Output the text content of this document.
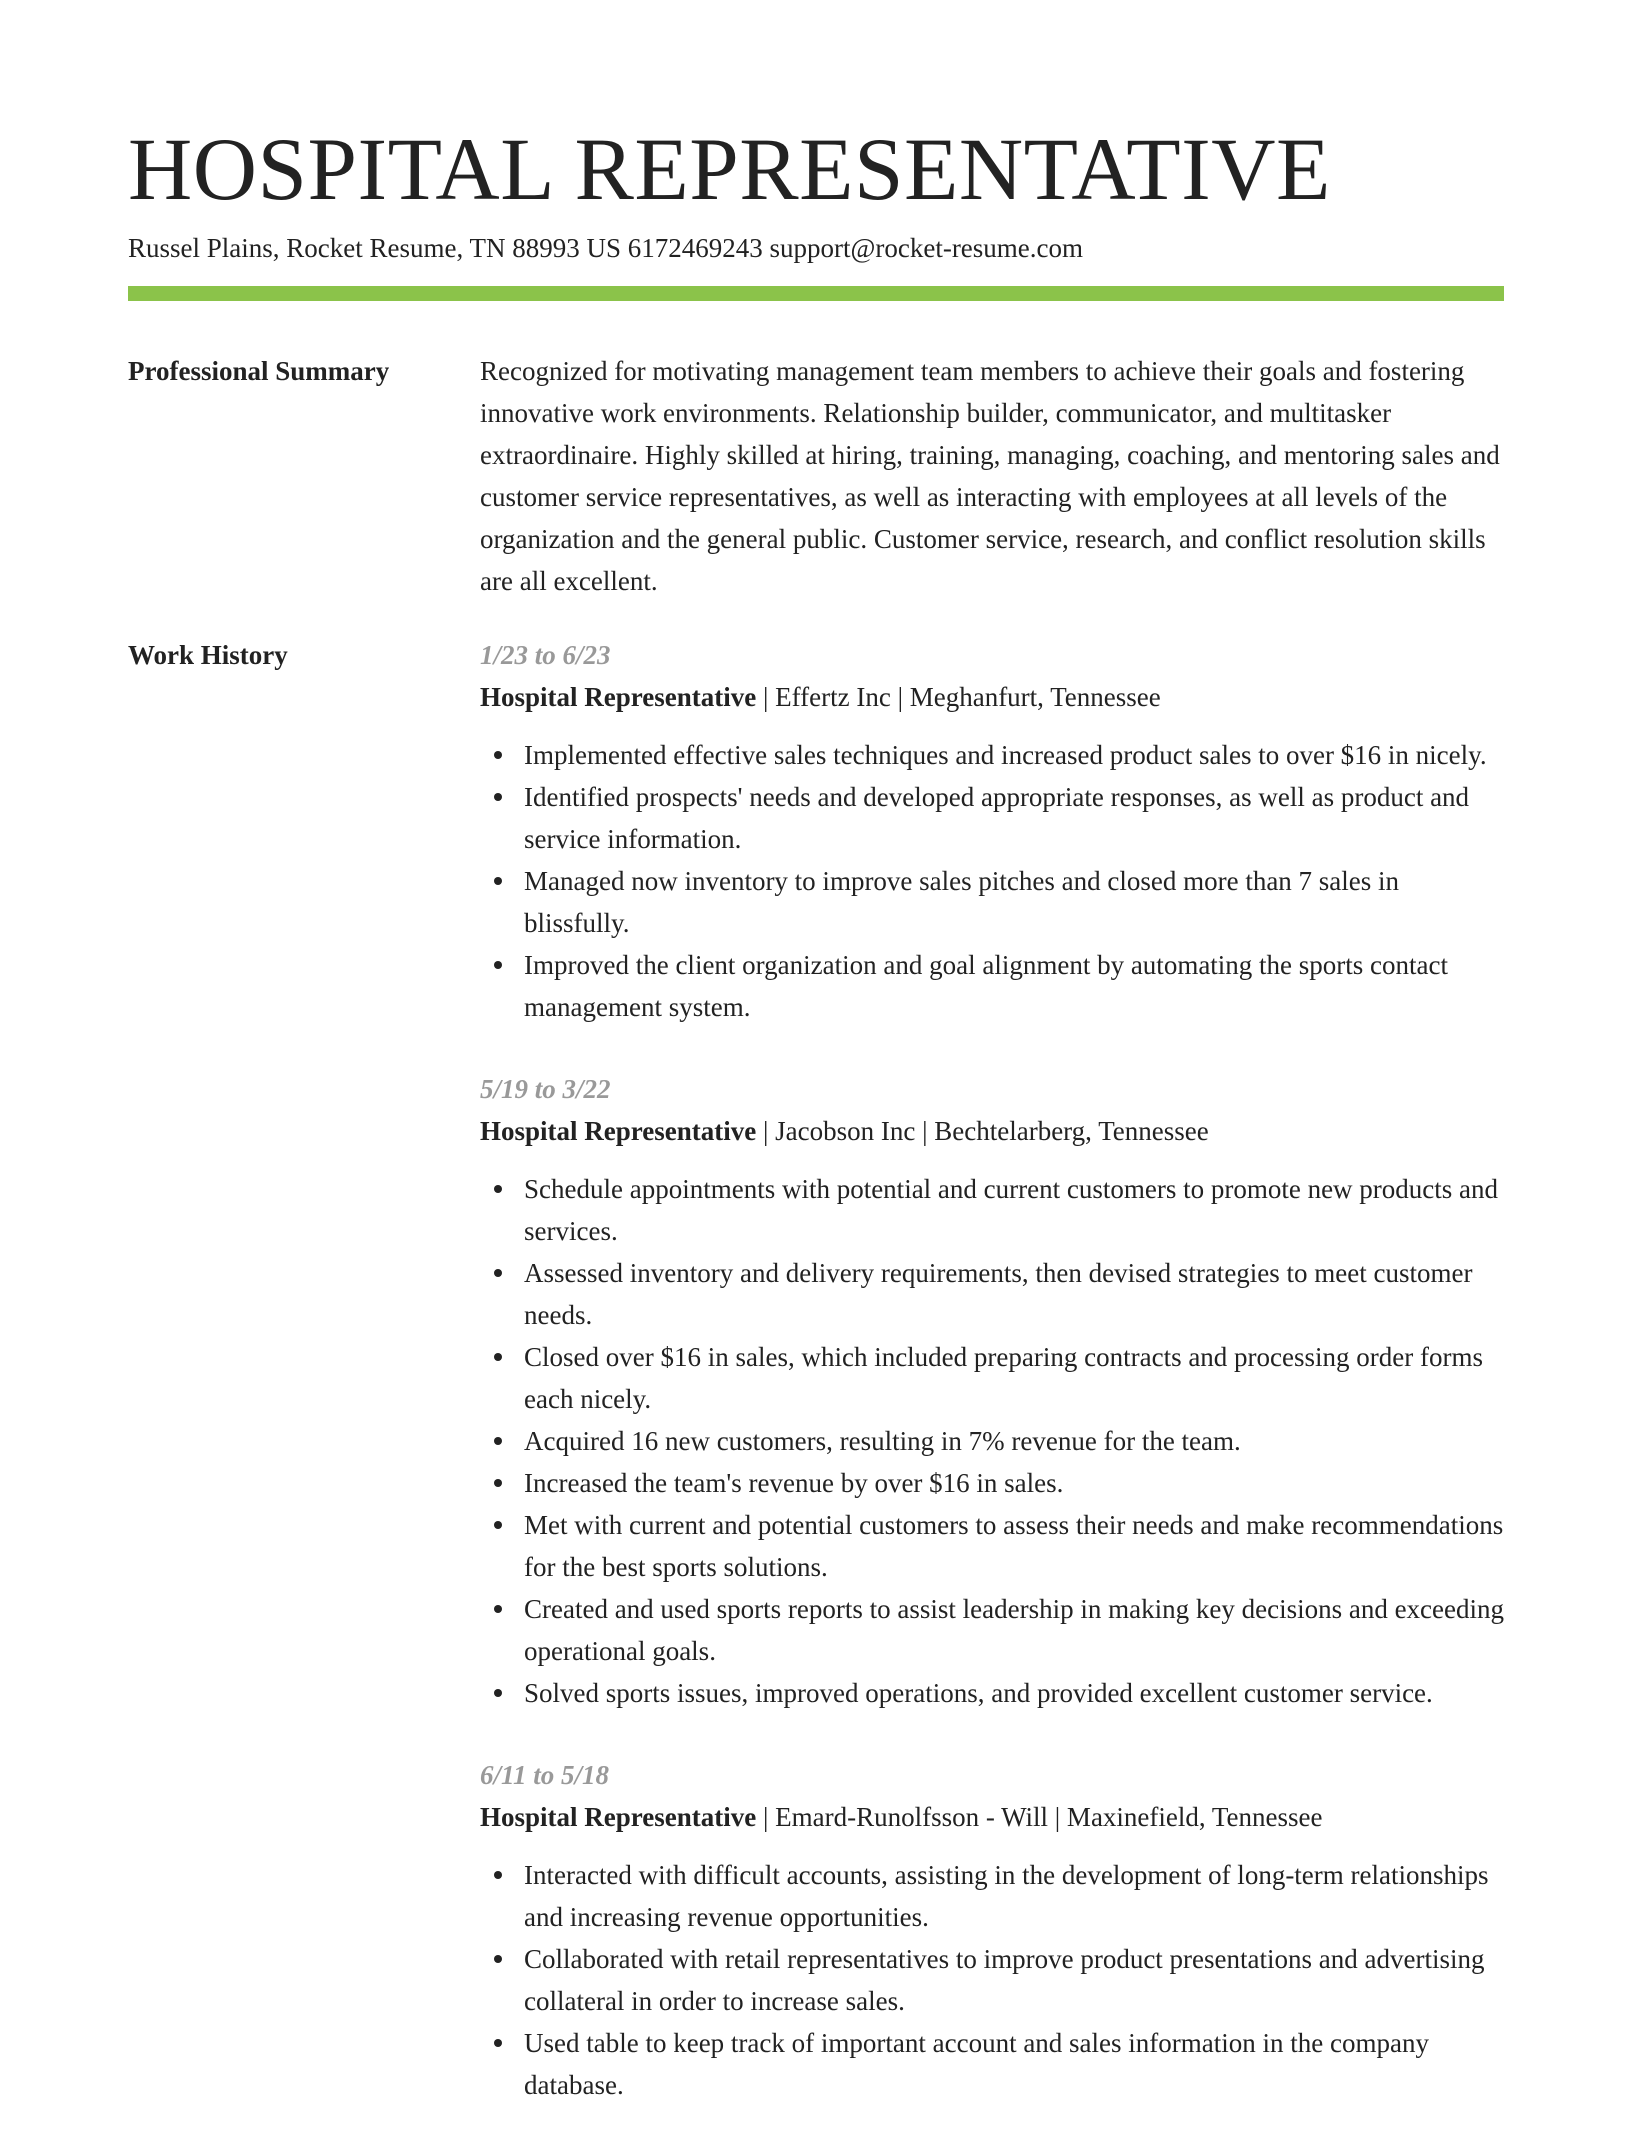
HOSPITAL REPRESENTATIVE
Russel Plains, Rocket Resume, TN 88993 US 6172469243 support@rocket-resume.com
Professional Summary	Recognized for motivating management team members to achieve their goals and fostering innovative work environments. Relationship builder, communicator, and multitasker extraordinaire. Highly skilled at hiring, training, managing, coaching, and mentoring sales and customer service representatives, as well as interacting with employees at all levels of the organization and the general public. Customer service, research, and conflict resolution skills are all excellent.

Work History	1/23 to 6/23
Hospital Representative | Effertz Inc | Meghanfurt, Tennessee
Implemented effective sales techniques and increased product sales to over $16 in nicely.
Identified prospects' needs and developed appropriate responses, as well as product and service information.
Managed now inventory to improve sales pitches and closed more than 7 sales in blissfully.
Improved the client organization and goal alignment by automating the sports contact management system.
5/19 to 3/22
Hospital Representative | Jacobson Inc | Bechtelarberg, Tennessee
Schedule appointments with potential and current customers to promote new products and services.
Assessed inventory and delivery requirements, then devised strategies to meet customer needs.
Closed over $16 in sales, which included preparing contracts and processing order forms each nicely.
Acquired 16 new customers, resulting in 7% revenue for the team.
Increased the team's revenue by over $16 in sales.
Met with current and potential customers to assess their needs and make recommendations for the best sports solutions.
Created and used sports reports to assist leadership in making key decisions and exceeding operational goals.
Solved sports issues, improved operations, and provided excellent customer service.
6/11 to 5/18
Hospital Representative | Emard-Runolfsson - Will | Maxinefield, Tennessee
Interacted with difficult accounts, assisting in the development of long-term relationships and increasing revenue opportunities.
Collaborated with retail representatives to improve product presentations and advertising collateral in order to increase sales.
Used table to keep track of important account and sales information in the company database.
